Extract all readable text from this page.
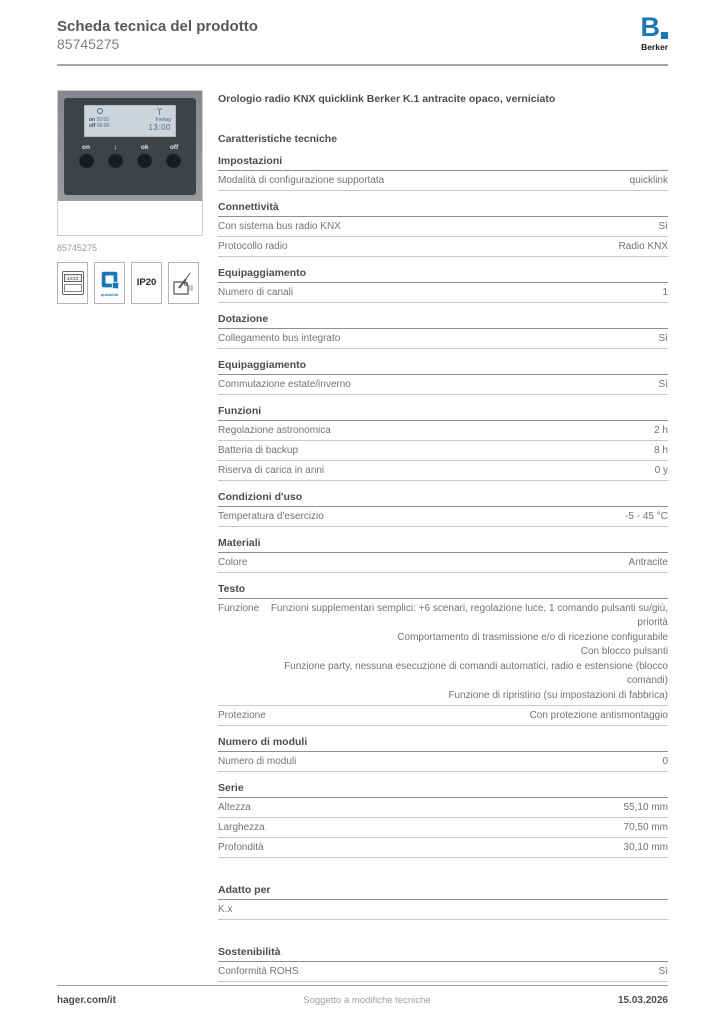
Scheda tecnica del prodotto
85745275
B
Berker
on 20:00
off 06:00
Freitag
13:00
on	↕	ok	off
85745275
14:23
quicklink
IP20
Orologio radio KNX quicklink Berker K.1 antracite opaco, verniciato
Caratteristiche tecniche
Impostazioni
Modalità di configurazione supportata	quicklink
Connettività
Con sistema bus radio KNX	Sì
Protocollo radio	Radio KNX
Equipaggiamento
Numero di canali	1
Dotazione
Collegamento bus integrato	Sì
Equipaggiamento
Commutazione estate/inverno	Sì
Funzioni
Regolazione astronomica	2 h
Batteria di backup	8 h
Riserva di carica in anni	0 y
Condizioni d'uso
Temperatura d'esercizio	-5 - 45 °C
Materiali
Colore	Antracite
Testo
Funzione	Funzioni supplementari semplici: +6 scenari, regolazione luce, 1 comando pulsanti su/giù, priorità
Comportamento di trasmissione e/o di ricezione configurabile
Con blocco pulsanti
Funzione party, nessuna esecuzione di comandi automatici, radio e estensione (blocco comandi)
Funzione di ripristino (su impostazioni di fabbrica)
Protezione	Con protezione antismontaggio
Numero di moduli
Numero di moduli	0
Serie
Altezza	55,10 mm
Larghezza	70,50 mm
Profondità	30,10 mm
Adatto per
K.x
Sostenibilità
Conformità ROHS	Sì
hager.com/it	Soggetto a modifiche tecniche	15.03.2026
